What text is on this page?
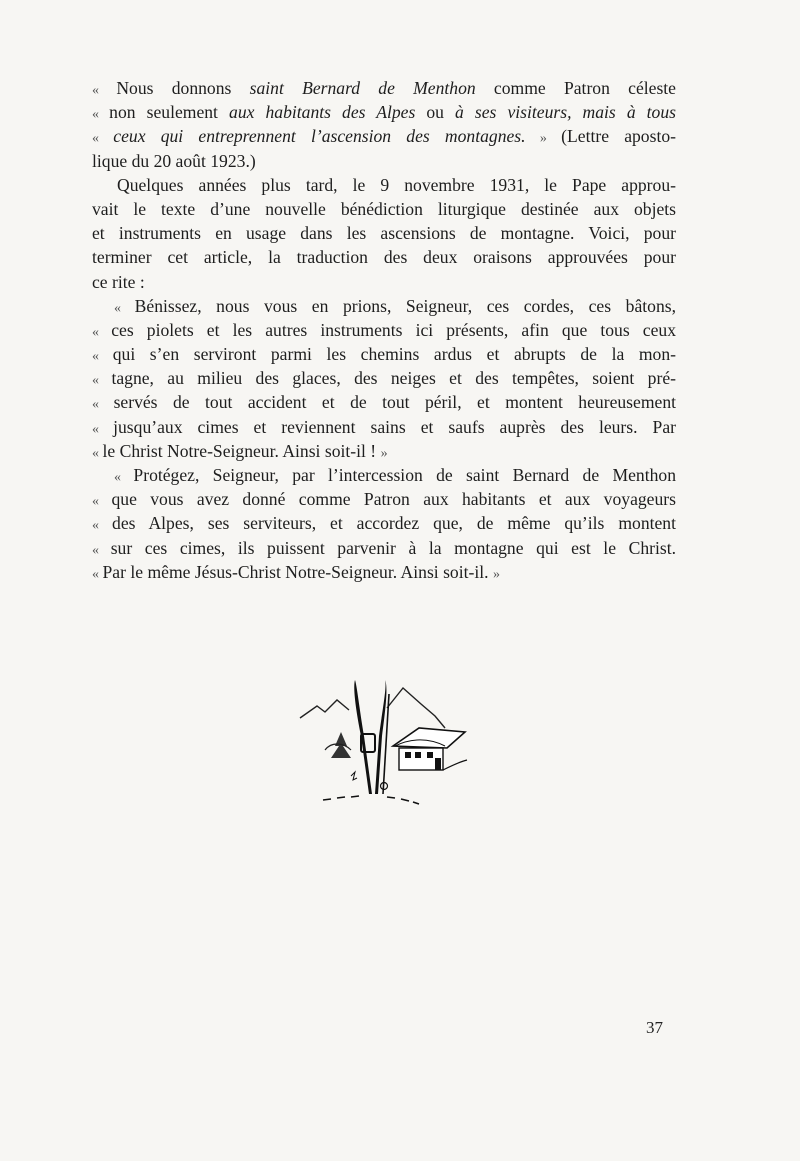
« Nous donnons saint Bernard de Menthon comme Patron céleste
« non seulement aux habitants des Alpes ou à ses visiteurs, mais à tous
« ceux qui entreprennent l’ascension des montagnes. » (Lettre aposto-
lique du 20 août 1923.)
Quelques années plus tard, le 9 novembre 1931, le Pape approu-
vait le texte d’une nouvelle bénédiction liturgique destinée aux objets
et instruments en usage dans les ascensions de montagne. Voici, pour
terminer cet article, la traduction des deux oraisons approuvées pour
ce rite :
« Bénissez, nous vous en prions, Seigneur, ces cordes, ces bâtons,
« ces piolets et les autres instruments ici présents, afin que tous ceux
« qui s’en serviront parmi les chemins ardus et abrupts de la mon-
« tagne, au milieu des glaces, des neiges et des tempêtes, soient pré-
« servés de tout accident et de tout péril, et montent heureusement
« jusqu’aux cimes et reviennent sains et saufs auprès des leurs. Par
« le Christ Notre-Seigneur. Ainsi soit-il ! »
« Protégez, Seigneur, par l’intercession de saint Bernard de Menthon
« que vous avez donné comme Patron aux habitants et aux voyageurs
« des Alpes, ses serviteurs, et accordez que, de même qu’ils montent
« sur ces cimes, ils puissent parvenir à la montagne qui est le Christ.
« Par le même Jésus-Christ Notre-Seigneur. Ainsi soit-il. »
37
